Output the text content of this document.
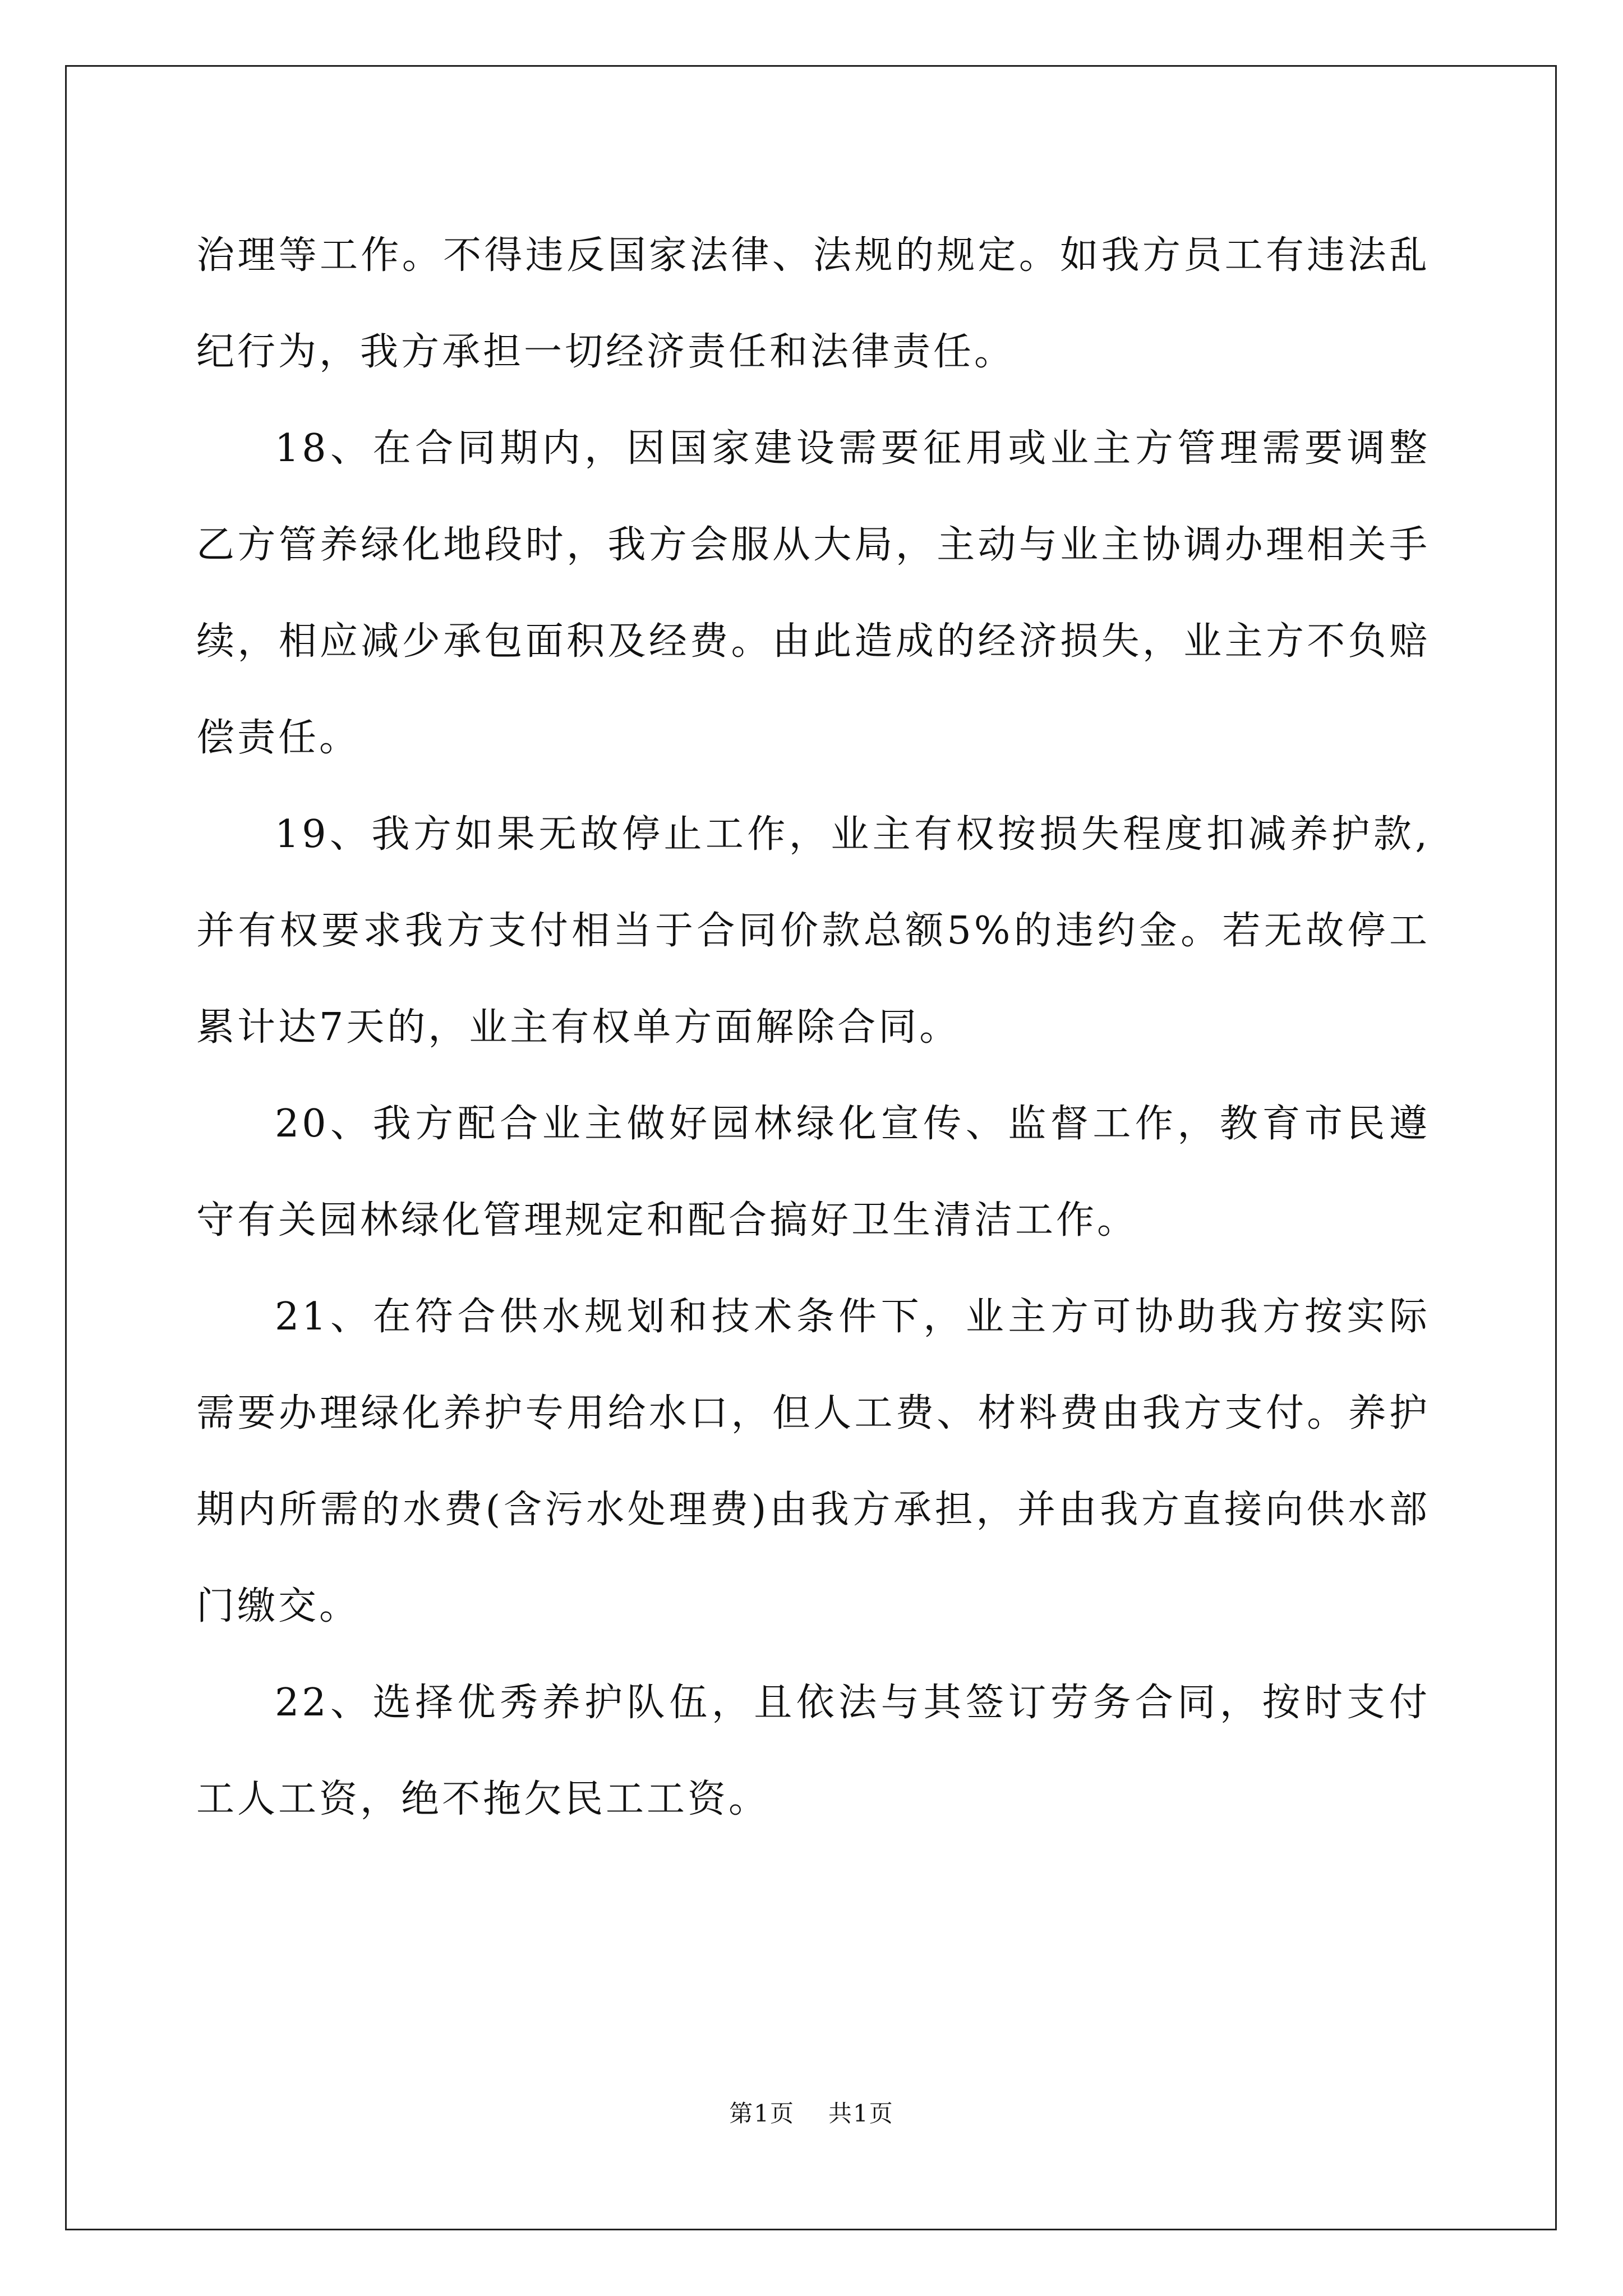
治理等工作。不得违反国家法律、法规的规定。如我方员工有违法乱纪行为，我方承担一切经济责任和法律责任。

18、在合同期内，因国家建设需要征用或业主方管理需要调整乙方管养绿化地段时，我方会服从大局，主动与业主协调办理相关手续，相应减少承包面积及经费。由此造成的经济损失，业主方不负赔偿责任。

19、我方如果无故停止工作，业主有权按损失程度扣减养护款,并有权要求我方支付相当于合同价款总额5%的违约金。若无故停工累计达7天的，业主有权单方面解除合同。

20、我方配合业主做好园林绿化宣传、监督工作，教育市民遵守有关园林绿化管理规定和配合搞好卫生清洁工作。

21、在符合供水规划和技术条件下，业主方可协助我方按实际需要办理绿化养护专用给水口，但人工费、材料费由我方支付。养护期内所需的水费(含污水处理费)由我方承担，并由我方直接向供水部门缴交。

22、选择优秀养护队伍，且依法与其签订劳务合同，按时支付工人工资，绝不拖欠民工工资。

第1页 共1页
